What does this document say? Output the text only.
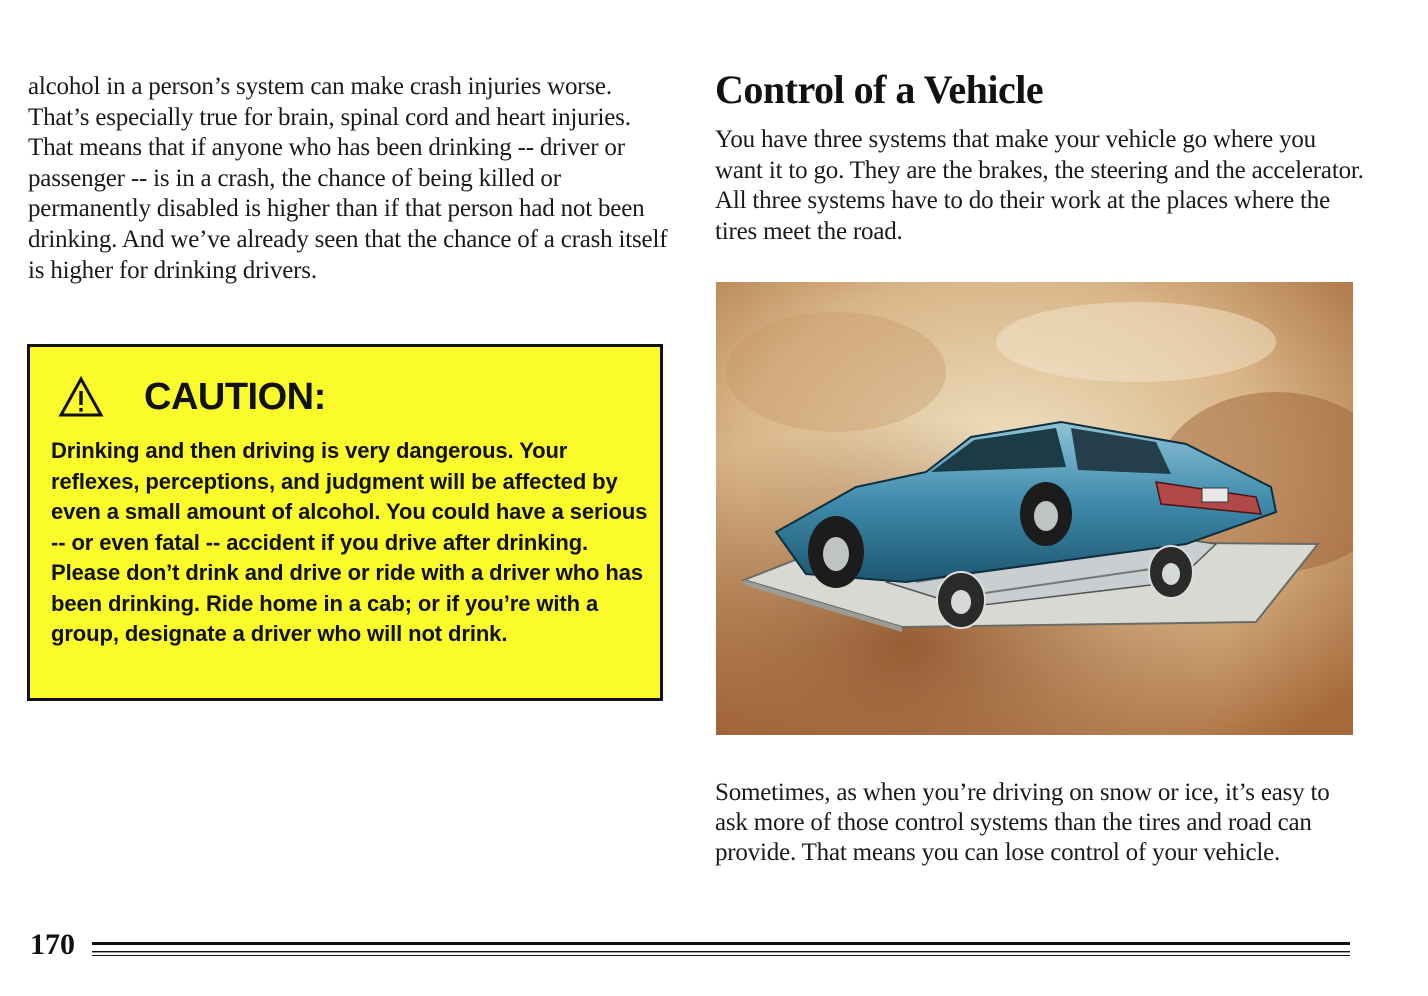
alcohol in a person’s system can make crash injuries worse. That’s especially true for brain, spinal cord and heart injuries. That means that if anyone who has been drinking -- driver or passenger -- is in a crash, the chance of being killed or permanently disabled is higher than if that person had not been drinking. And we’ve already seen that the chance of a crash itself is higher for drinking drivers.

CAUTION:
Drinking and then driving is very dangerous. Your reflexes, perceptions, and judgment will be affected by even a small amount of alcohol. You could have a serious -- or even fatal -- accident if you drive after drinking. Please don’t drink and drive or ride with a driver who has been drinking. Ride home in a cab; or if you’re with a group, designate a driver who will not drink.
Control of a Vehicle

You have three systems that make your vehicle go where you want it to go. They are the brakes, the steering and the accelerator. All three systems have to do their work at the places where the tires meet the road.

Sometimes, as when you’re driving on snow or ice, it’s easy to ask more of those control systems than the tires and road can provide. That means you can lose control of your vehicle.

170
